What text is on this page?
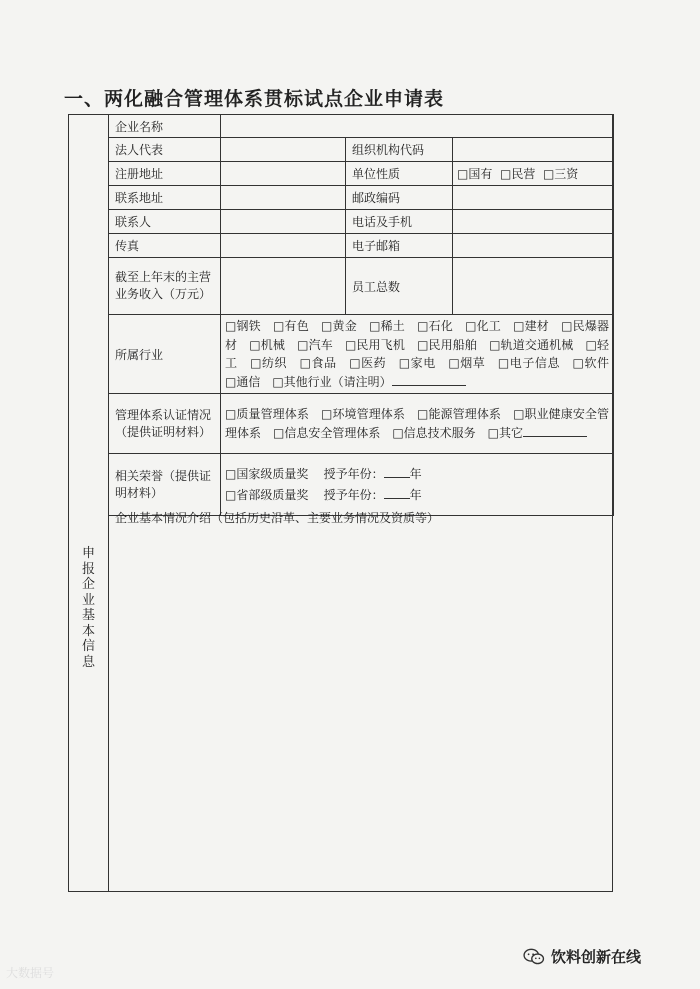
一、两化融合管理体系贯标试点企业申请表
申
报
企
业
基
本
信
息
企业名称			
法人代表		组织机构代码	
注册地址		单位性质	□国有 □民营 □三资
联系地址		邮政编码	
联系人		电话及手机	
传真		电子邮箱	
截至上年末的主营业务收入（万元）		员工总数	
所属行业	□钢铁　□有色　□黄金　□稀土　□石化　□化工　□建材　□民爆器材　□机械　□汽车　□民用飞机　□民用船舶　□轨道交通机械　□轻工　□纺织　□食品　□医药　□家电　□烟草　□电子信息　□软件　□通信　□其他行业（请注明）		

管理体系认证情况（提供证明材料）	□质量管理体系　□环境管理体系　□能源管理体系　□职业健康安全管理体系　□信息安全管理体系　□信息技术服务　□其它		

相关荣誉（提供证明材料）	□国家级质量奖 授予年份： 年
□省部级质量奖 授予年份： 年		
企业基本情况介绍（包括历史沿革、主要业务情况及资质等）
大数据号
饮料创新在线
